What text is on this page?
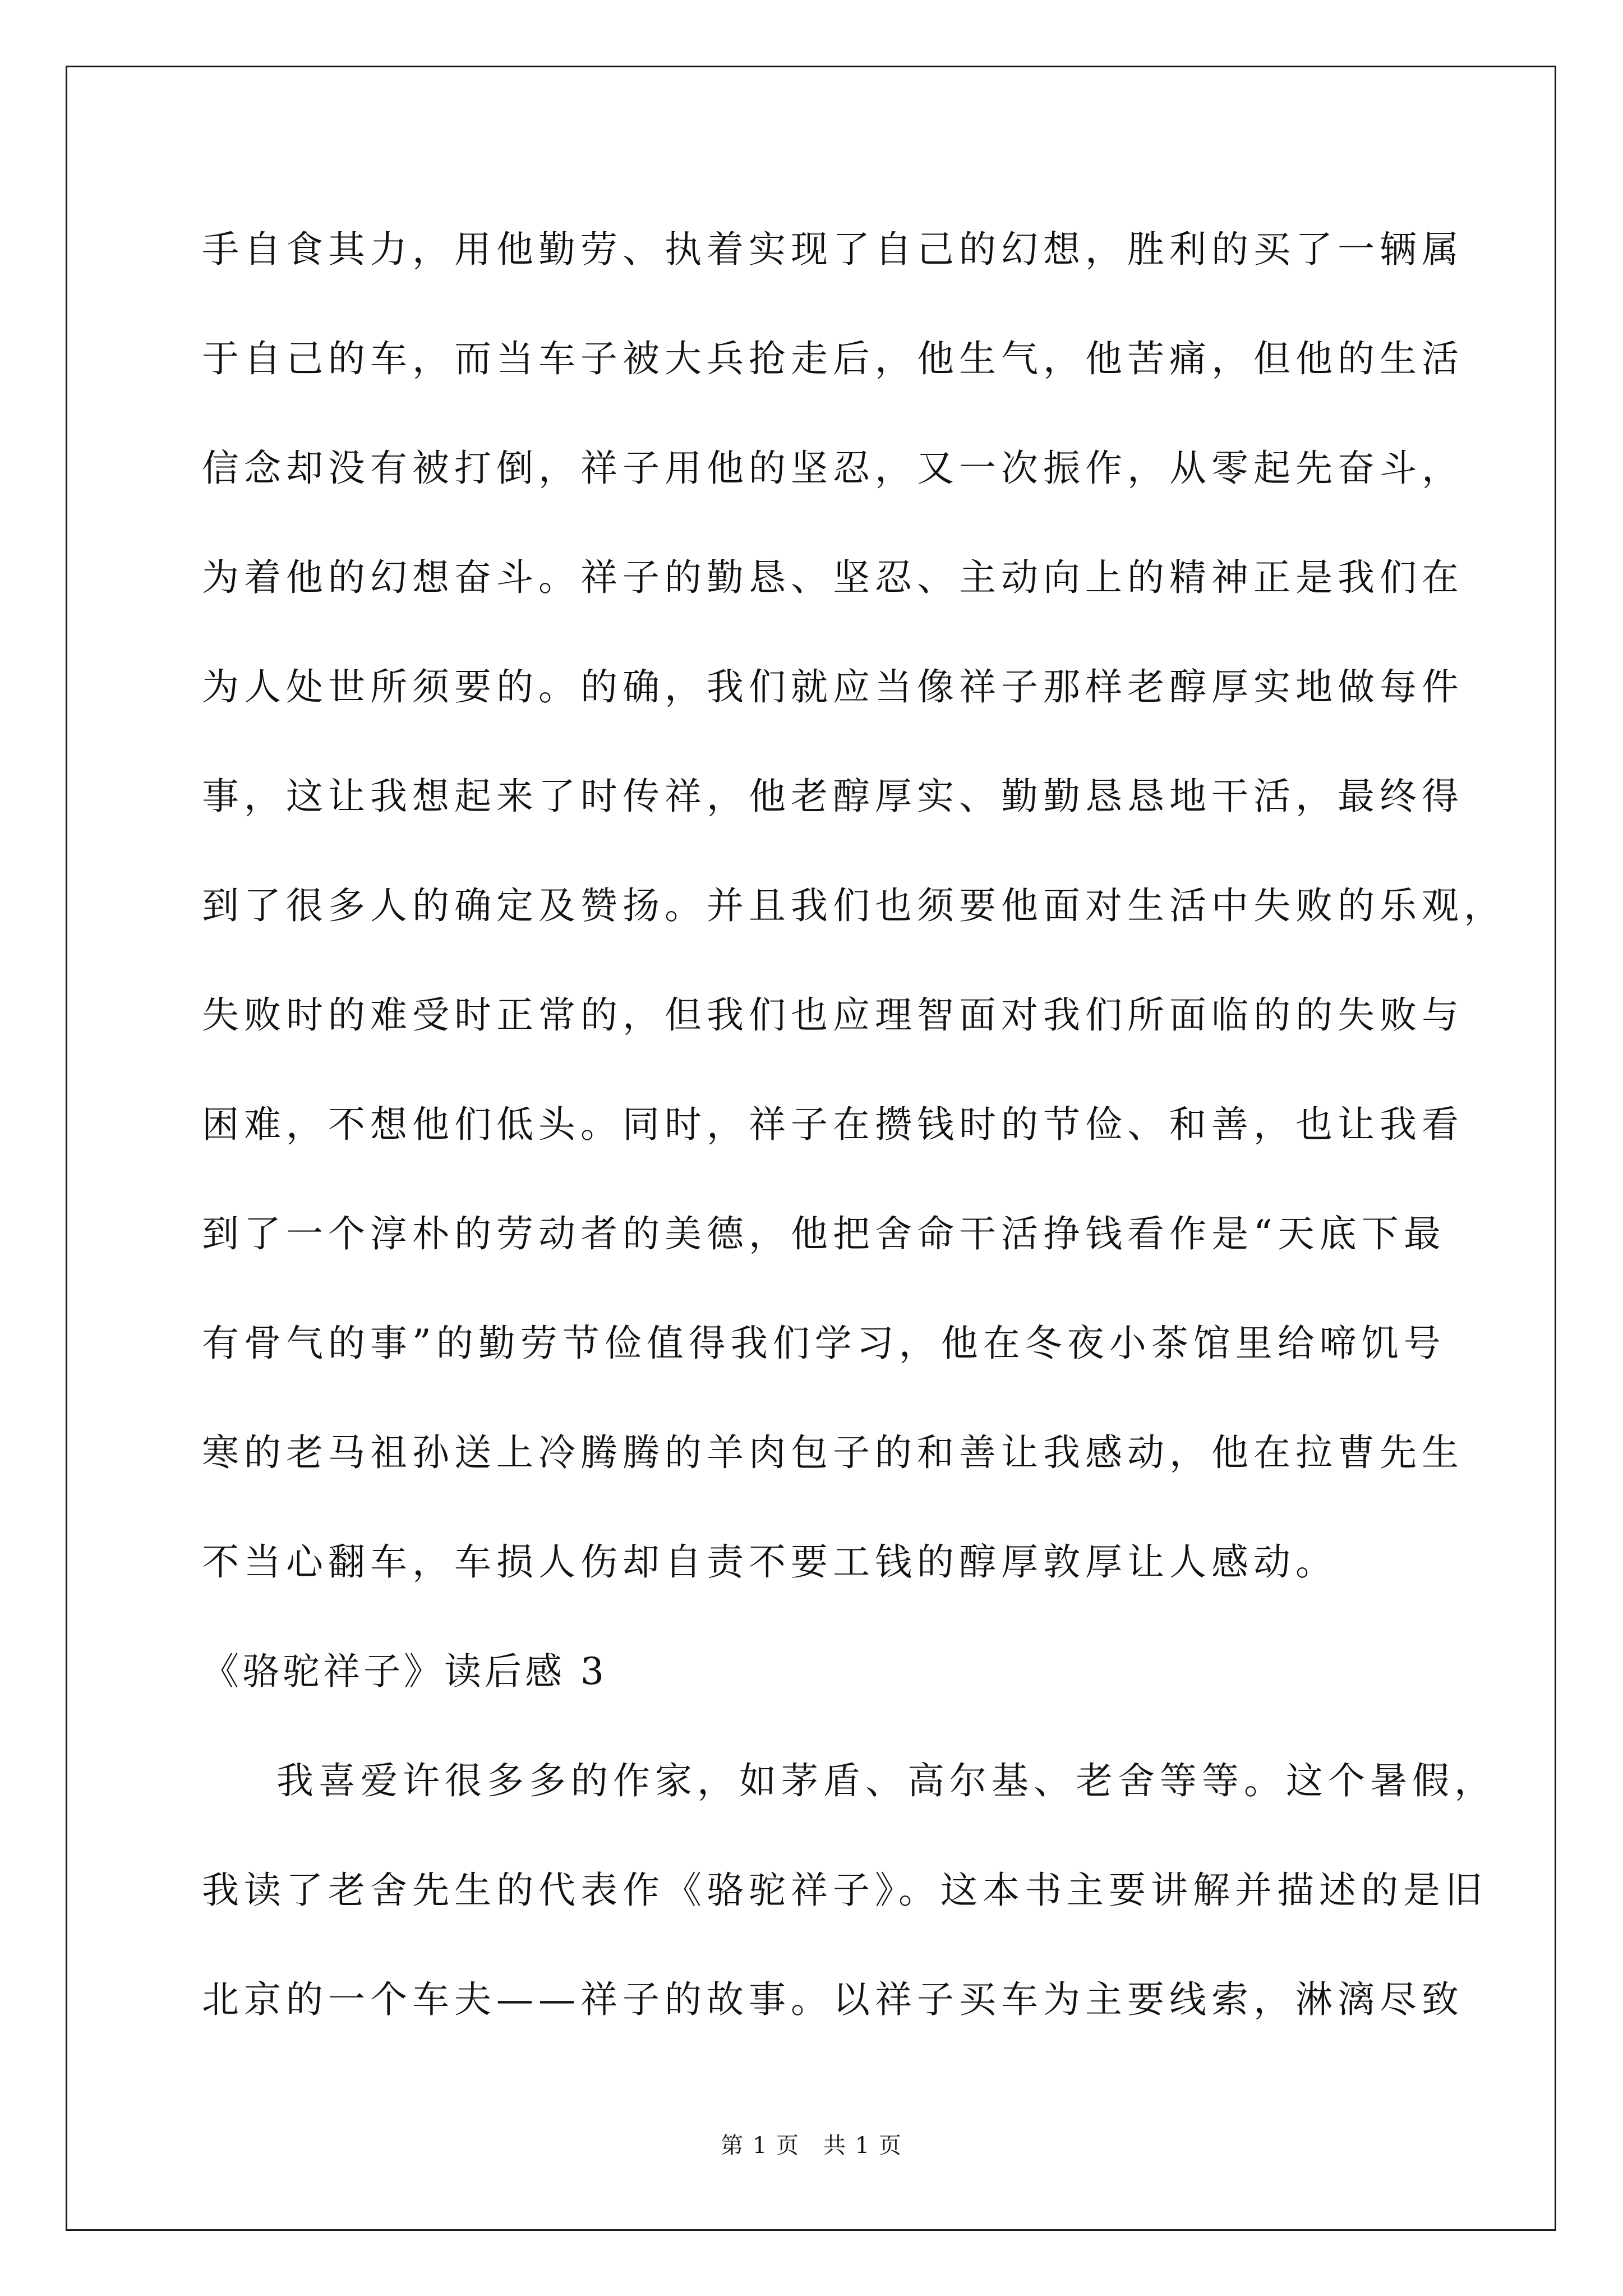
手自食其力，用他勤劳、执着实现了自己的幻想，胜利的买了一辆属
于自己的车，而当车子被大兵抢走后，他生气，他苦痛，但他的生活
信念却没有被打倒，祥子用他的坚忍，又一次振作，从零起先奋斗，
为着他的幻想奋斗。祥子的勤恳、坚忍、主动向上的精神正是我们在
为人处世所须要的。的确，我们就应当像祥子那样老醇厚实地做每件
事，这让我想起来了时传祥，他老醇厚实、勤勤恳恳地干活，最终得
到了很多人的确定及赞扬。并且我们也须要他面对生活中失败的乐观，
失败时的难受时正常的，但我们也应理智面对我们所面临的的失败与
困难，不想他们低头。同时，祥子在攒钱时的节俭、和善，也让我看
到了一个淳朴的劳动者的美德，他把舍命干活挣钱看作是“天底下最
有骨气的事”的勤劳节俭值得我们学习，他在冬夜小茶馆里给啼饥号
寒的老马祖孙送上冷腾腾的羊肉包子的和善让我感动，他在拉曹先生
不当心翻车，车损人伤却自责不要工钱的醇厚敦厚让人感动。
《骆驼祥子》读后感 3
我喜爱许很多多的作家，如茅盾、高尔基、老舍等等。这个暑假，
我读了老舍先生的代表作《骆驼祥子》。这本书主要讲解并描述的是旧
北京的一个车夫——祥子的故事。以祥子买车为主要线索，淋漓尽致
第 1 页　共 1 页
